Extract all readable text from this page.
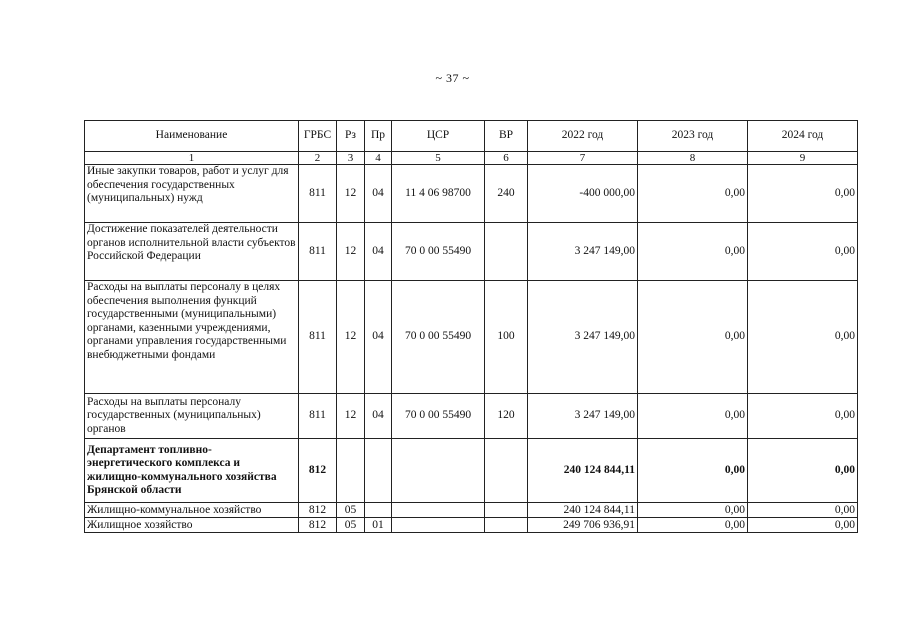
~ 37 ~
Наименование	ГРБС	Рз	Пр	ЦСР	ВР	2022 год	2023 год	2024 год
1	2	3	4	5	6	7	8	9
Иные закупки товаров, работ и услуг для обеспечения государственных (муниципальных) нужд	811	12	04	11 4 06 98700	240	-400 000,00	0,00	0,00
Достижение показателей деятельности органов исполнительной власти субъектов Российской Федерации	811	12	04	70 0 00 55490		3 247 149,00	0,00	0,00
Расходы на выплаты персоналу в целях обеспечения выполнения функций государственными (муниципальными) органами, казенными учреждениями, органами управления государственными внебюджетными фондами	811	12	04	70 0 00 55490	100	3 247 149,00	0,00	0,00
Расходы на выплаты персоналу государственных (муниципальных) органов	811	12	04	70 0 00 55490	120	3 247 149,00	0,00	0,00
Департамент топливно-энергетического комплекса и жилищно-коммунального хозяйства Брянской области	812					240 124 844,11	0,00	0,00
Жилищно-коммунальное хозяйство	812	05				240 124 844,11	0,00	0,00
Жилищное хозяйство	812	05	01			249 706 936,91	0,00	0,00
